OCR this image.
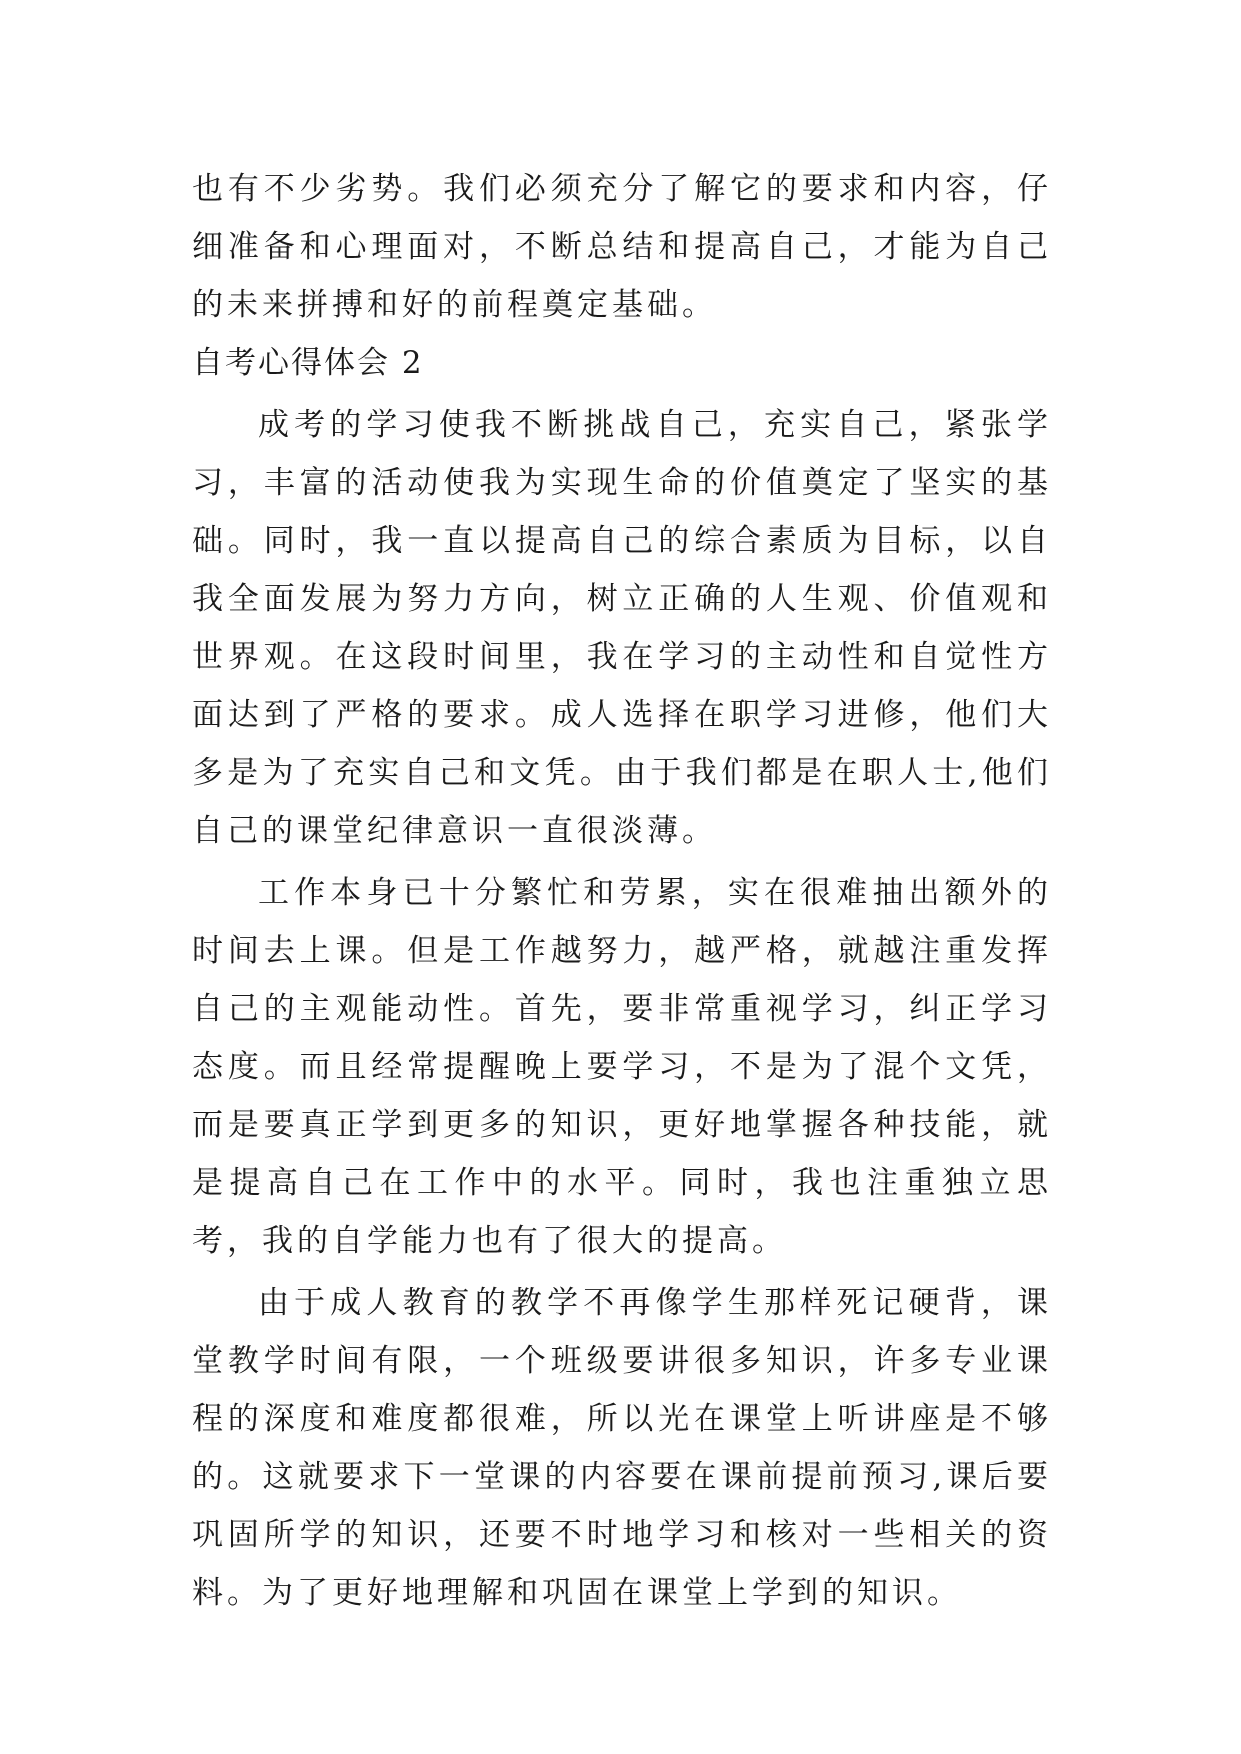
也有不少劣势。我们必须充分了解它的要求和内容，仔细准备和心理面对，不断总结和提高自己，才能为自己的未来拼搏和好的前程奠定基础。

自考心得体会 2

成考的学习使我不断挑战自己，充实自己，紧张学习，丰富的活动使我为实现生命的价值奠定了坚实的基础。同时，我一直以提高自己的综合素质为目标，以自我全面发展为努力方向，树立正确的人生观、价值观和世界观。在这段时间里，我在学习的主动性和自觉性方面达到了严格的要求。成人选择在职学习进修，他们大多是为了充实自己和文凭。由于我们都是在职人士,他们自己的课堂纪律意识一直很淡薄。

工作本身已十分繁忙和劳累，实在很难抽出额外的时间去上课。但是工作越努力，越严格，就越注重发挥自己的主观能动性。首先，要非常重视学习，纠正学习态度。而且经常提醒晚上要学习，不是为了混个文凭，而是要真正学到更多的知识，更好地掌握各种技能，就是提高自己在工作中的水平。同时，我也注重独立思考，我的自学能力也有了很大的提高。

由于成人教育的教学不再像学生那样死记硬背，课堂教学时间有限，一个班级要讲很多知识，许多专业课程的深度和难度都很难，所以光在课堂上听讲座是不够的。这就要求下一堂课的内容要在课前提前预习,课后要巩固所学的知识，还要不时地学习和核对一些相关的资料。为了更好地理解和巩固在课堂上学到的知识。
